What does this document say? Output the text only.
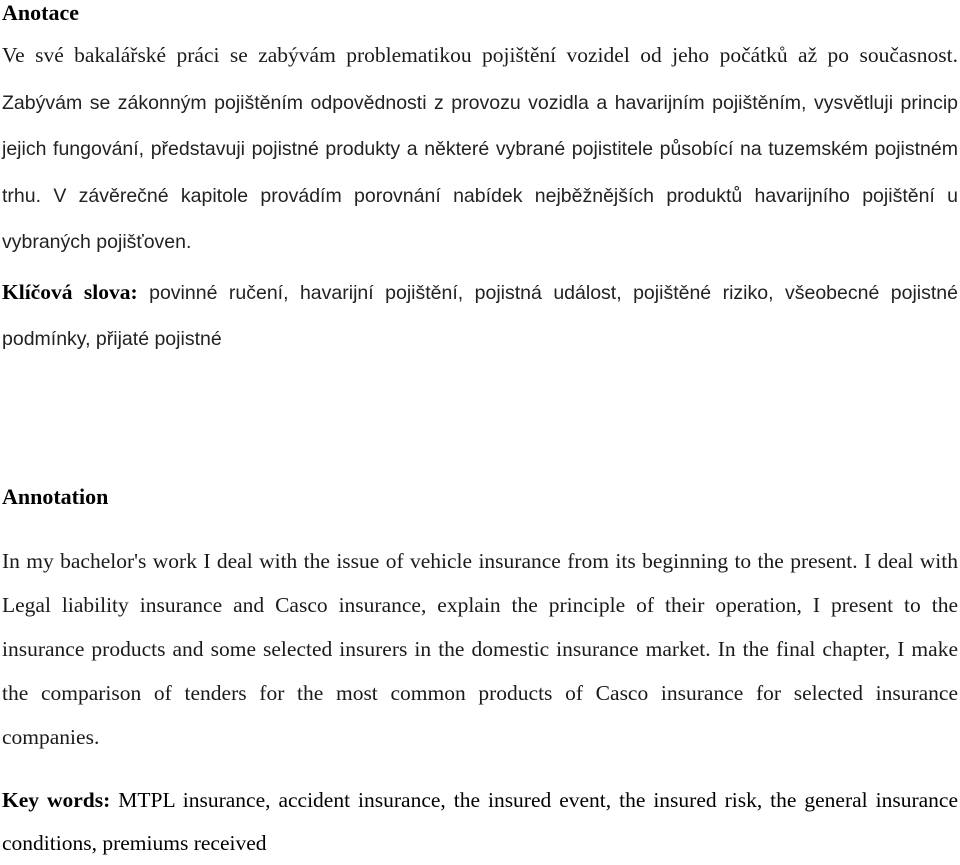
Anotace

Ve své bakalářské práci se zabývám problematikou pojištění vozidel od jeho počátků až po současnost. Zabývám se zákonným pojištěním odpovědnosti z provozu vozidla a havarijním pojištěním, vysvětluji princip jejich fungování, představuji pojistné produkty a některé vybrané pojistitele působící na tuzemském pojistném trhu. V závěrečné kapitole provádím porovnání nabídek nejběžnějších produktů havarijního pojištění u vybraných pojišťoven.

Klíčová slova: povinné ručení, havarijní pojištění, pojistná událost, pojištěné riziko, všeobecné pojistné podmínky, přijaté pojistné

Annotation

In my bachelor's work I deal with the issue of vehicle insurance from its beginning to the present. I deal with Legal liability insurance and Casco insurance, explain the principle of their operation, I present to the insurance products and some selected insurers in the domestic insurance market. In the final chapter, I make the comparison of tenders for the most common products of Casco insurance for selected insurance companies.

Key words: MTPL insurance, accident insurance, the insured event, the insured risk, the general insurance conditions, premiums received
